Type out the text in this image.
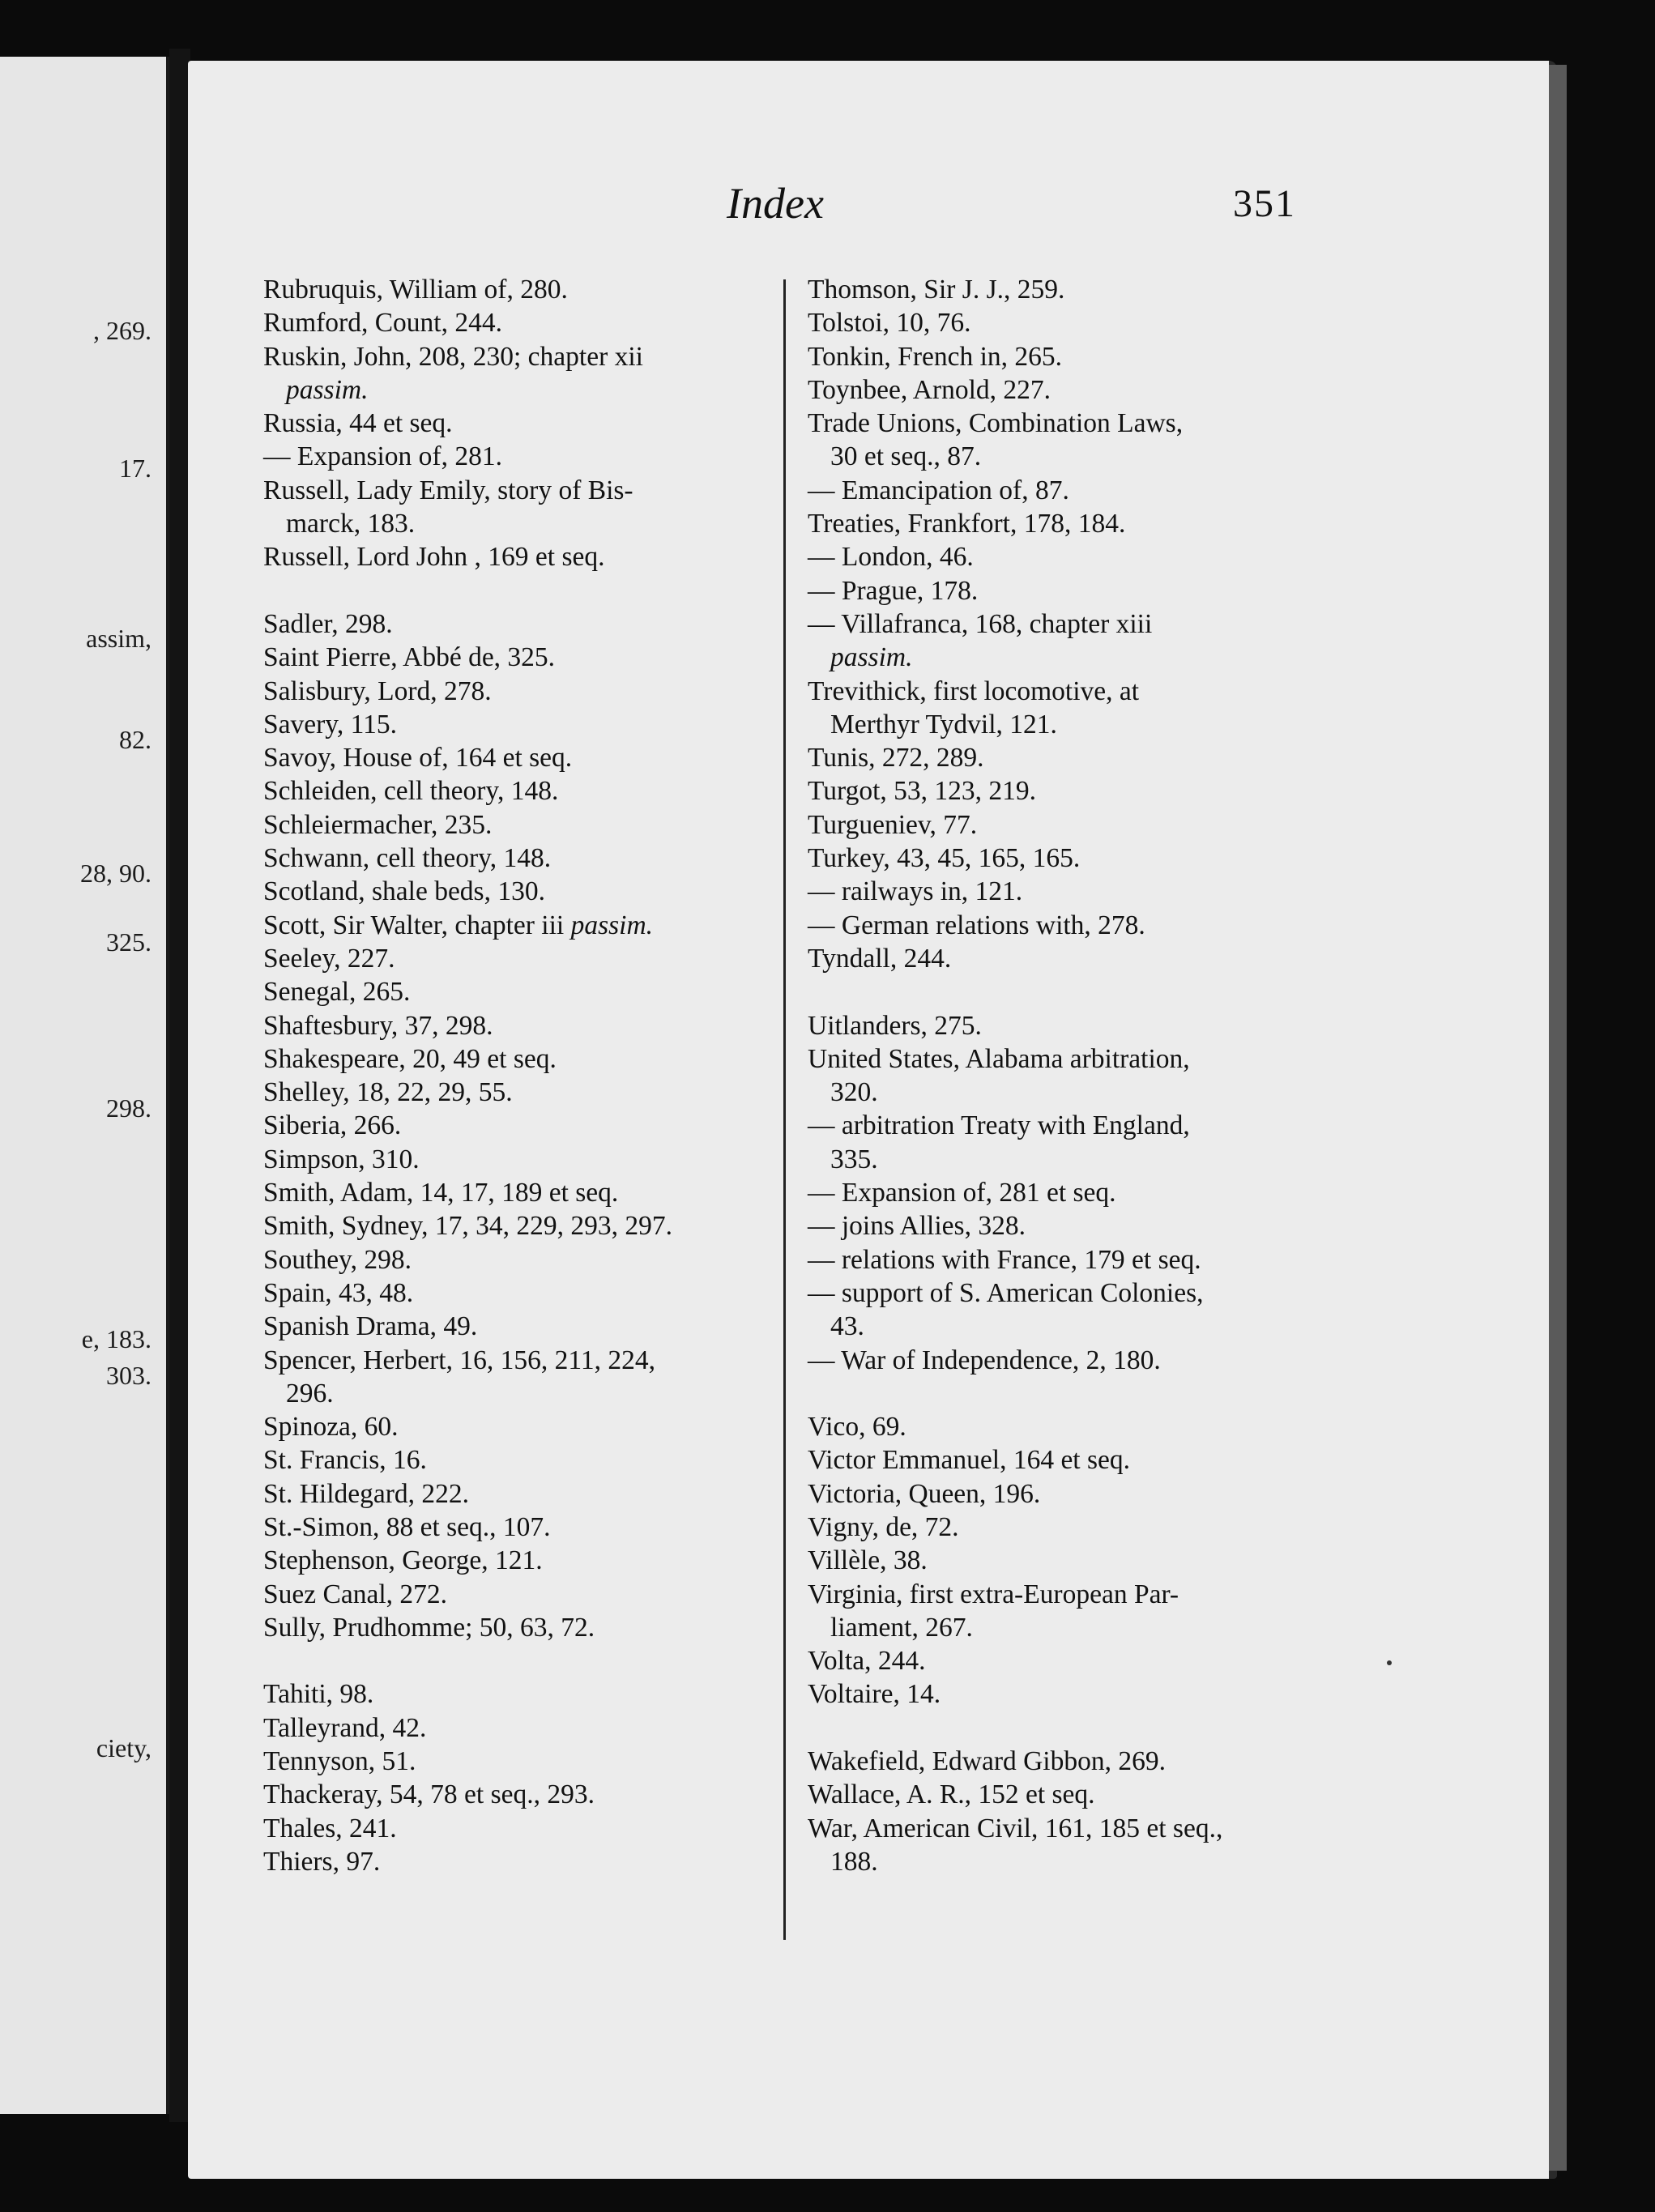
, 269.
17.
assim,
82.
28, 90.
325.
298.
e, 183.
303.
ciety,
Index	351
Rubruquis, William of, 280.
Rumford, Count, 244.
Ruskin, John, 208, 230; chapter xii
passim.
Russia, 44 et seq.
— Expansion of, 281.
Russell, Lady Emily, story of Bis-
marck, 183.
Russell, Lord John , 169 et seq.
Sadler, 298.
Saint Pierre, Abbé de, 325.
Salisbury, Lord, 278.
Savery, 115.
Savoy, House of, 164 et seq.
Schleiden, cell theory, 148.
Schleiermacher, 235.
Schwann, cell theory, 148.
Scotland, shale beds, 130.
Scott, Sir Walter, chapter iii passim.
Seeley, 227.
Senegal, 265.
Shaftesbury, 37, 298.
Shakespeare, 20, 49 et seq.
Shelley, 18, 22, 29, 55.
Siberia, 266.
Simpson, 310.
Smith, Adam, 14, 17, 189 et seq.
Smith, Sydney, 17, 34, 229, 293, 297.
Southey, 298.
Spain, 43, 48.
Spanish Drama, 49.
Spencer, Herbert, 16, 156, 211, 224,
296.
Spinoza, 60.
St. Francis, 16.
St. Hildegard, 222.
St.-Simon, 88 et seq., 107.
Stephenson, George, 121.
Suez Canal, 272.
Sully, Prudhomme; 50, 63, 72.
Tahiti, 98.
Talleyrand, 42.
Tennyson, 51.
Thackeray, 54, 78 et seq., 293.
Thales, 241.
Thiers, 97.
Thomson, Sir J. J., 259.
Tolstoi, 10, 76.
Tonkin, French in, 265.
Toynbee, Arnold, 227.
Trade Unions, Combination Laws,
30 et seq., 87.
— Emancipation of, 87.
Treaties, Frankfort, 178, 184.
— London, 46.
— Prague, 178.
— Villafranca, 168, chapter xiii
passim.
Trevithick, first locomotive, at
Merthyr Tydvil, 121.
Tunis, 272, 289.
Turgot, 53, 123, 219.
Turgueniev, 77.
Turkey, 43, 45, 165, 165.
— railways in, 121.
— German relations with, 278.
Tyndall, 244.
Uitlanders, 275.
United States, Alabama arbitration,
320.
— arbitration Treaty with England,
335.
— Expansion of, 281 et seq.
— joins Allies, 328.
— relations with France, 179 et seq.
— support of S. American Colonies,
43.
— War of Independence, 2, 180.
Vico, 69.
Victor Emmanuel, 164 et seq.
Victoria, Queen, 196.
Vigny, de, 72.
Villèle, 38.
Virginia, first extra-European Par-
liament, 267.
Volta, 244.
Voltaire, 14.
Wakefield, Edward Gibbon, 269.
Wallace, A. R., 152 et seq.
War, American Civil, 161, 185 et seq.,
188.
